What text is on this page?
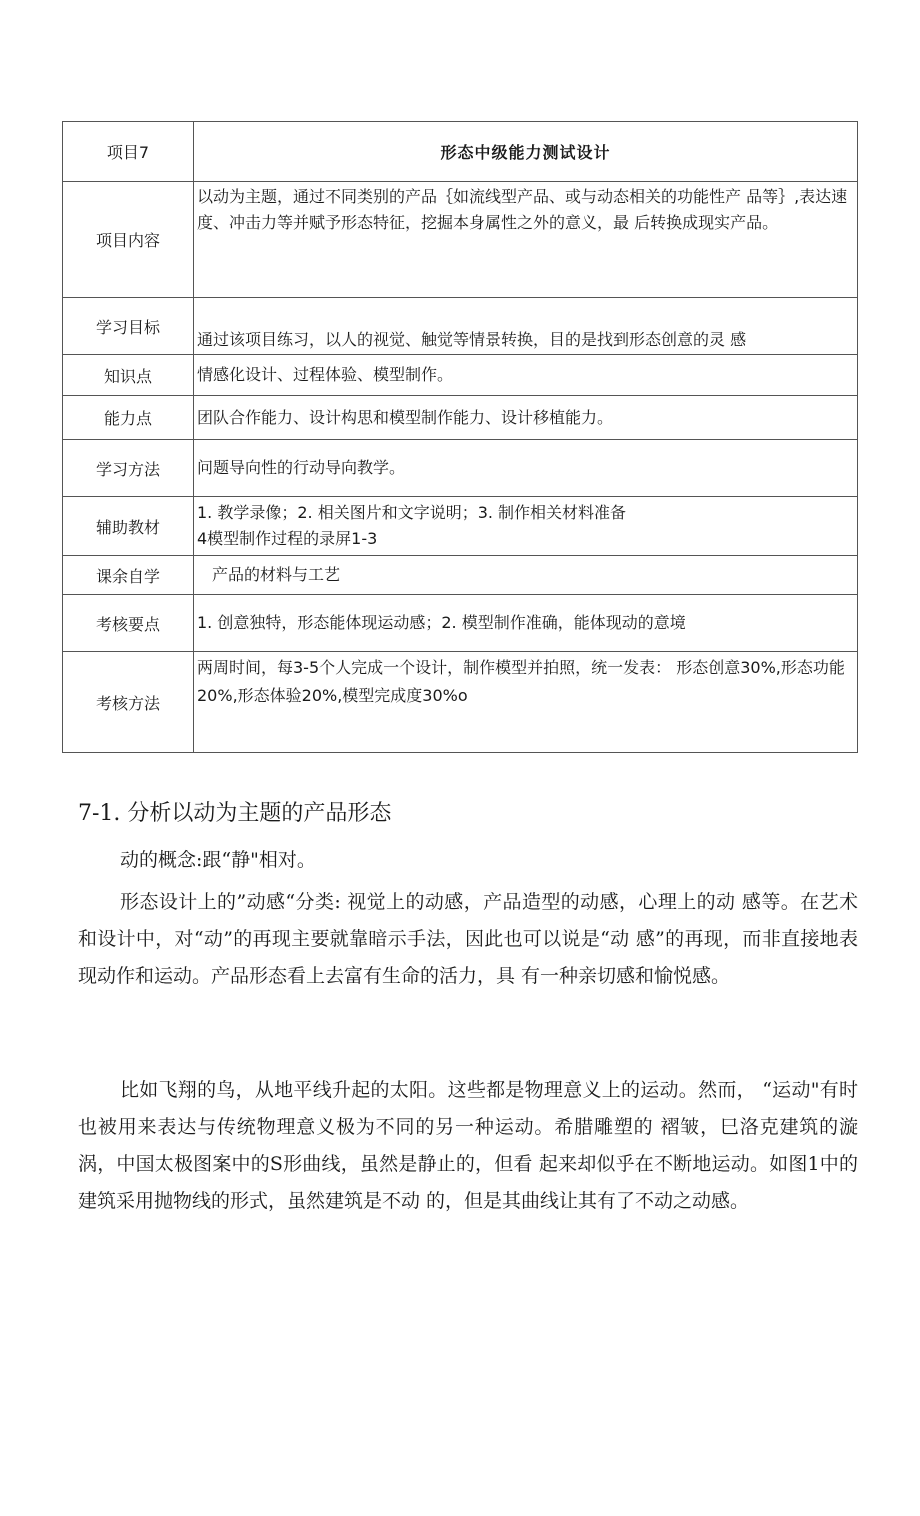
项目7	形态中级能力测试设计
项目内容	以动为主题，通过不同类别的产品｛如流线型产品、或与动态相关的功能性产 品等｝,表达速度、冲击力等并赋予形态特征，挖掘本身属性之外的意义，最 后转换成现实产品。
学习目标	通过该项目练习，以人的视觉、触觉等情景转换，目的是找到形态创意的灵 感
知识点	情感化设计、过程体验、模型制作。
能力点	团队合作能力、设计构思和模型制作能力、设计移植能力。
学习方法	问题导向性的行动导向教学。
辅助教材	1. 教学录像；2. 相关图片和文字说明；3. 制作相关材料准备
4模型制作过程的录屏1-3

课余自学	产品的材料与工艺
考核要点	1. 创意独特，形态能体现运动感；2. 模型制作准确，能体现动的意境
考核方法	两周时间，每3-5个人完成一个设计，制作模型并拍照，统一发表： 形态创意30%,形态功能20%,形态体验20%,模型完成度30%o
7-1. 分析以动为主题的产品形态
动的概念:跟“静"相对。
形态设计上的”动感“分类: 视觉上的动感，产品造型的动感，心理上的动 感等。在艺术和设计中，对“动”的再现主要就靠暗示手法，因此也可以说是“动 感”的再现，而非直接地表现动作和运动。产品形态看上去富有生命的活力，具 有一种亲切感和愉悦感。
比如飞翔的鸟，从地平线升起的太阳。这些都是物理意义上的运动。然而， “运动"有时也被用来表达与传统物理意义极为不同的另一种运动。希腊雕塑的 褶皱，巳洛克建筑的漩涡，中国太极图案中的S形曲线，虽然是静止的，但看 起来却似乎在不断地运动。如图1中的建筑采用抛物线的形式，虽然建筑是不动 的，但是其曲线让其有了不动之动感。
